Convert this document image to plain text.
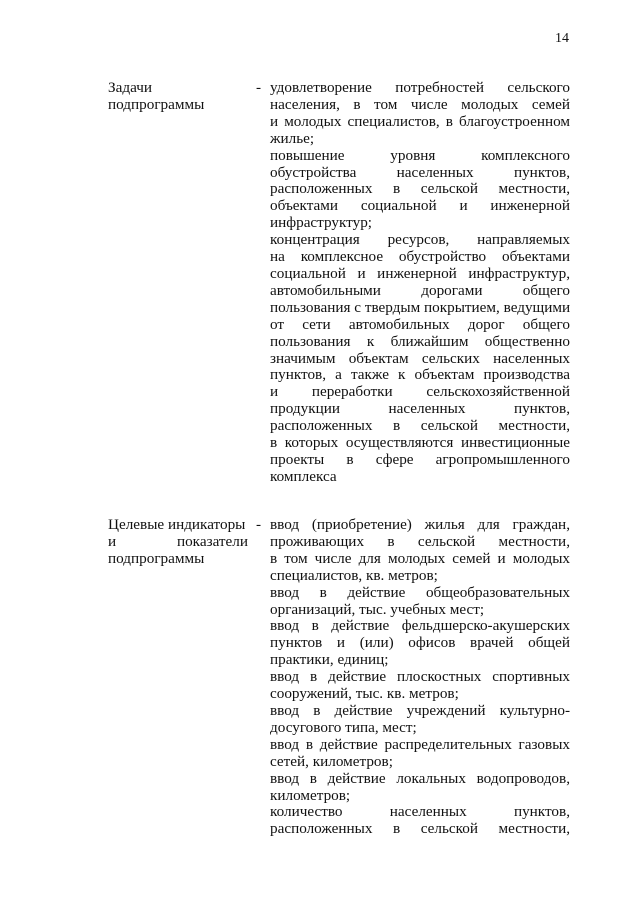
14
Задачи
подпрограммы
- удовлетворение потребностей сельского
населения, в том числе молодых семей
и молодых специалистов, в благоустроенном
жилье;
повышение уровня комплексного
обустройства населенных пунктов,
расположенных в сельской местности,
объектами социальной и инженерной
инфраструктур;
концентрация ресурсов, направляемых
на комплексное обустройство объектами
социальной и инженерной инфраструктур,
автомобильными дорогами общего
пользования с твердым покрытием, ведущими
от сети автомобильных дорог общего
пользования к ближайшим общественно
значимым объектам сельских населенных
пунктов, а также к объектам производства
и переработки сельскохозяйственной
продукции населенных пунктов,
расположенных в сельской местности,
в которых осуществляются инвестиционные
проекты в сфере агропромышленного
комплекса
Целевые индикаторы
и показатели
подпрограммы
- ввод (приобретение) жилья для граждан,
проживающих в сельской местности,
в том числе для молодых семей и молодых
специалистов, кв. метров;
ввод в действие общеобразовательных
организаций, тыс. учебных мест;
ввод в действие фельдшерско-акушерских
пунктов и (или) офисов врачей общей
практики, единиц;
ввод в действие плоскостных спортивных
сооружений, тыс. кв. метров;
ввод в действие учреждений культурно-
досугового типа, мест;
ввод в действие распределительных газовых
сетей, километров;
ввод в действие локальных водопроводов,
километров;
количество населенных пунктов,
расположенных в сельской местности,
